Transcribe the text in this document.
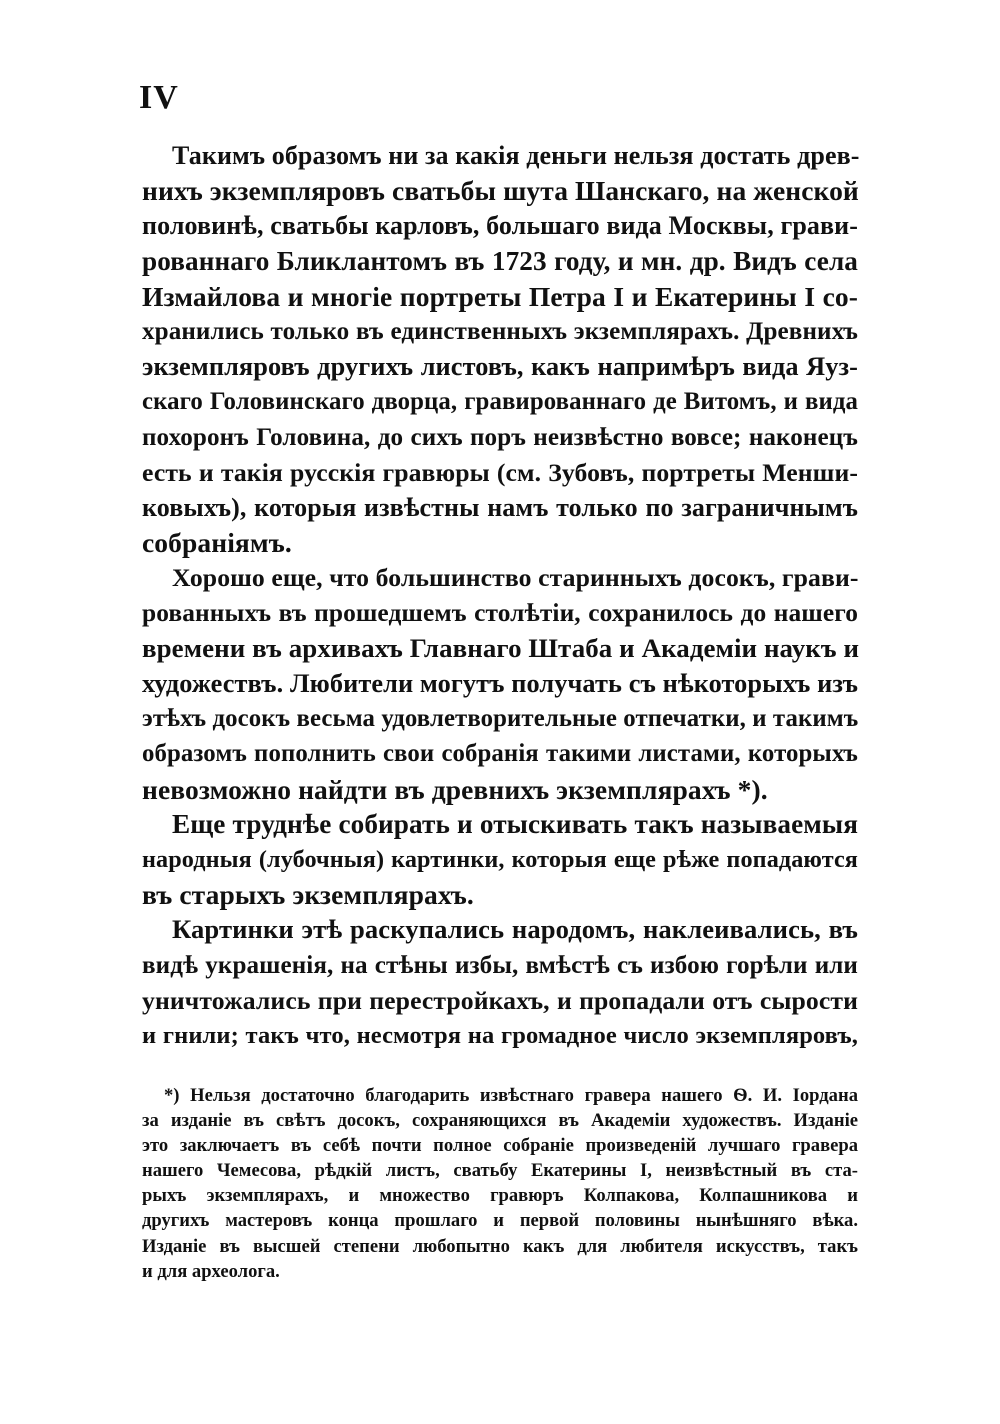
IV
Такимъ образомъ ни за какія деньги нельзя достать древ-
нихъ экземпляровъ сватьбы шута Шанскаго, на женской
половинѣ, сватьбы карловъ, большаго вида Москвы, грави-
рованнаго Бликлантомъ въ 1723 году, и мн. др. Видъ села
Измайлова и многіе портреты Петра I и Екатерины I со-
хранились только въ единственныхъ экземплярахъ. Древнихъ
экземпляровъ другихъ листовъ, какъ напримѣръ вида Яуз-
скаго Головинскаго дворца, гравированнаго де Витомъ, и вида
похоронъ Головина, до сихъ поръ неизвѣстно вовсе; наконецъ
есть и такія русскія гравюры (см. Зубовъ, портреты Менши-
ковыхъ), которыя извѣстны намъ только по заграничнымъ
собраніямъ.
Хорошо еще, что большинство старинныхъ досокъ, грави-
рованныхъ въ прошедшемъ столѣтіи, сохранилось до нашего
времени въ архивахъ Главнаго Штаба и Академіи наукъ и
художествъ. Любители могутъ получать съ нѣкоторыхъ изъ
этѣхъ досокъ весьма удовлетворительные отпечатки, и такимъ
образомъ пополнить свои собранія такими листами, которыхъ
невозможно найдти въ древнихъ экземплярахъ *).
Еще труднѣе собирать и отыскивать такъ называемыя
народныя (лубочныя) картинки, которыя еще рѣже попадаются
въ старыхъ экземплярахъ.
Картинки этѣ раскупались народомъ, наклеивались, въ
видѣ украшенія, на стѣны избы, вмѣстѣ съ избою горѣли или
уничтожались при перестройкахъ, и пропадали отъ сырости
и гнили; такъ что, несмотря на громадное число экземпляровъ,
*) Нельзя достаточно благодарить извѣстнаго гравера нашего Ѳ. И. Іордана
за изданіе въ свѣтъ досокъ, сохраняющихся въ Академіи художествъ. Изданіе
это заключаетъ въ себѣ почти полное собраніе произведеній лучшаго гравера
нашего Чемесова, рѣдкій листъ, сватьбу Екатерины I, неизвѣстный въ ста-
рыхъ экземплярахъ, и множество гравюръ Колпакова, Колпашникова и
другихъ мастеровъ конца прошлаго и первой половины нынѣшняго вѣка.
Изданіе въ высшей степени любопытно какъ для любителя искусствъ, такъ
и для археолога.
